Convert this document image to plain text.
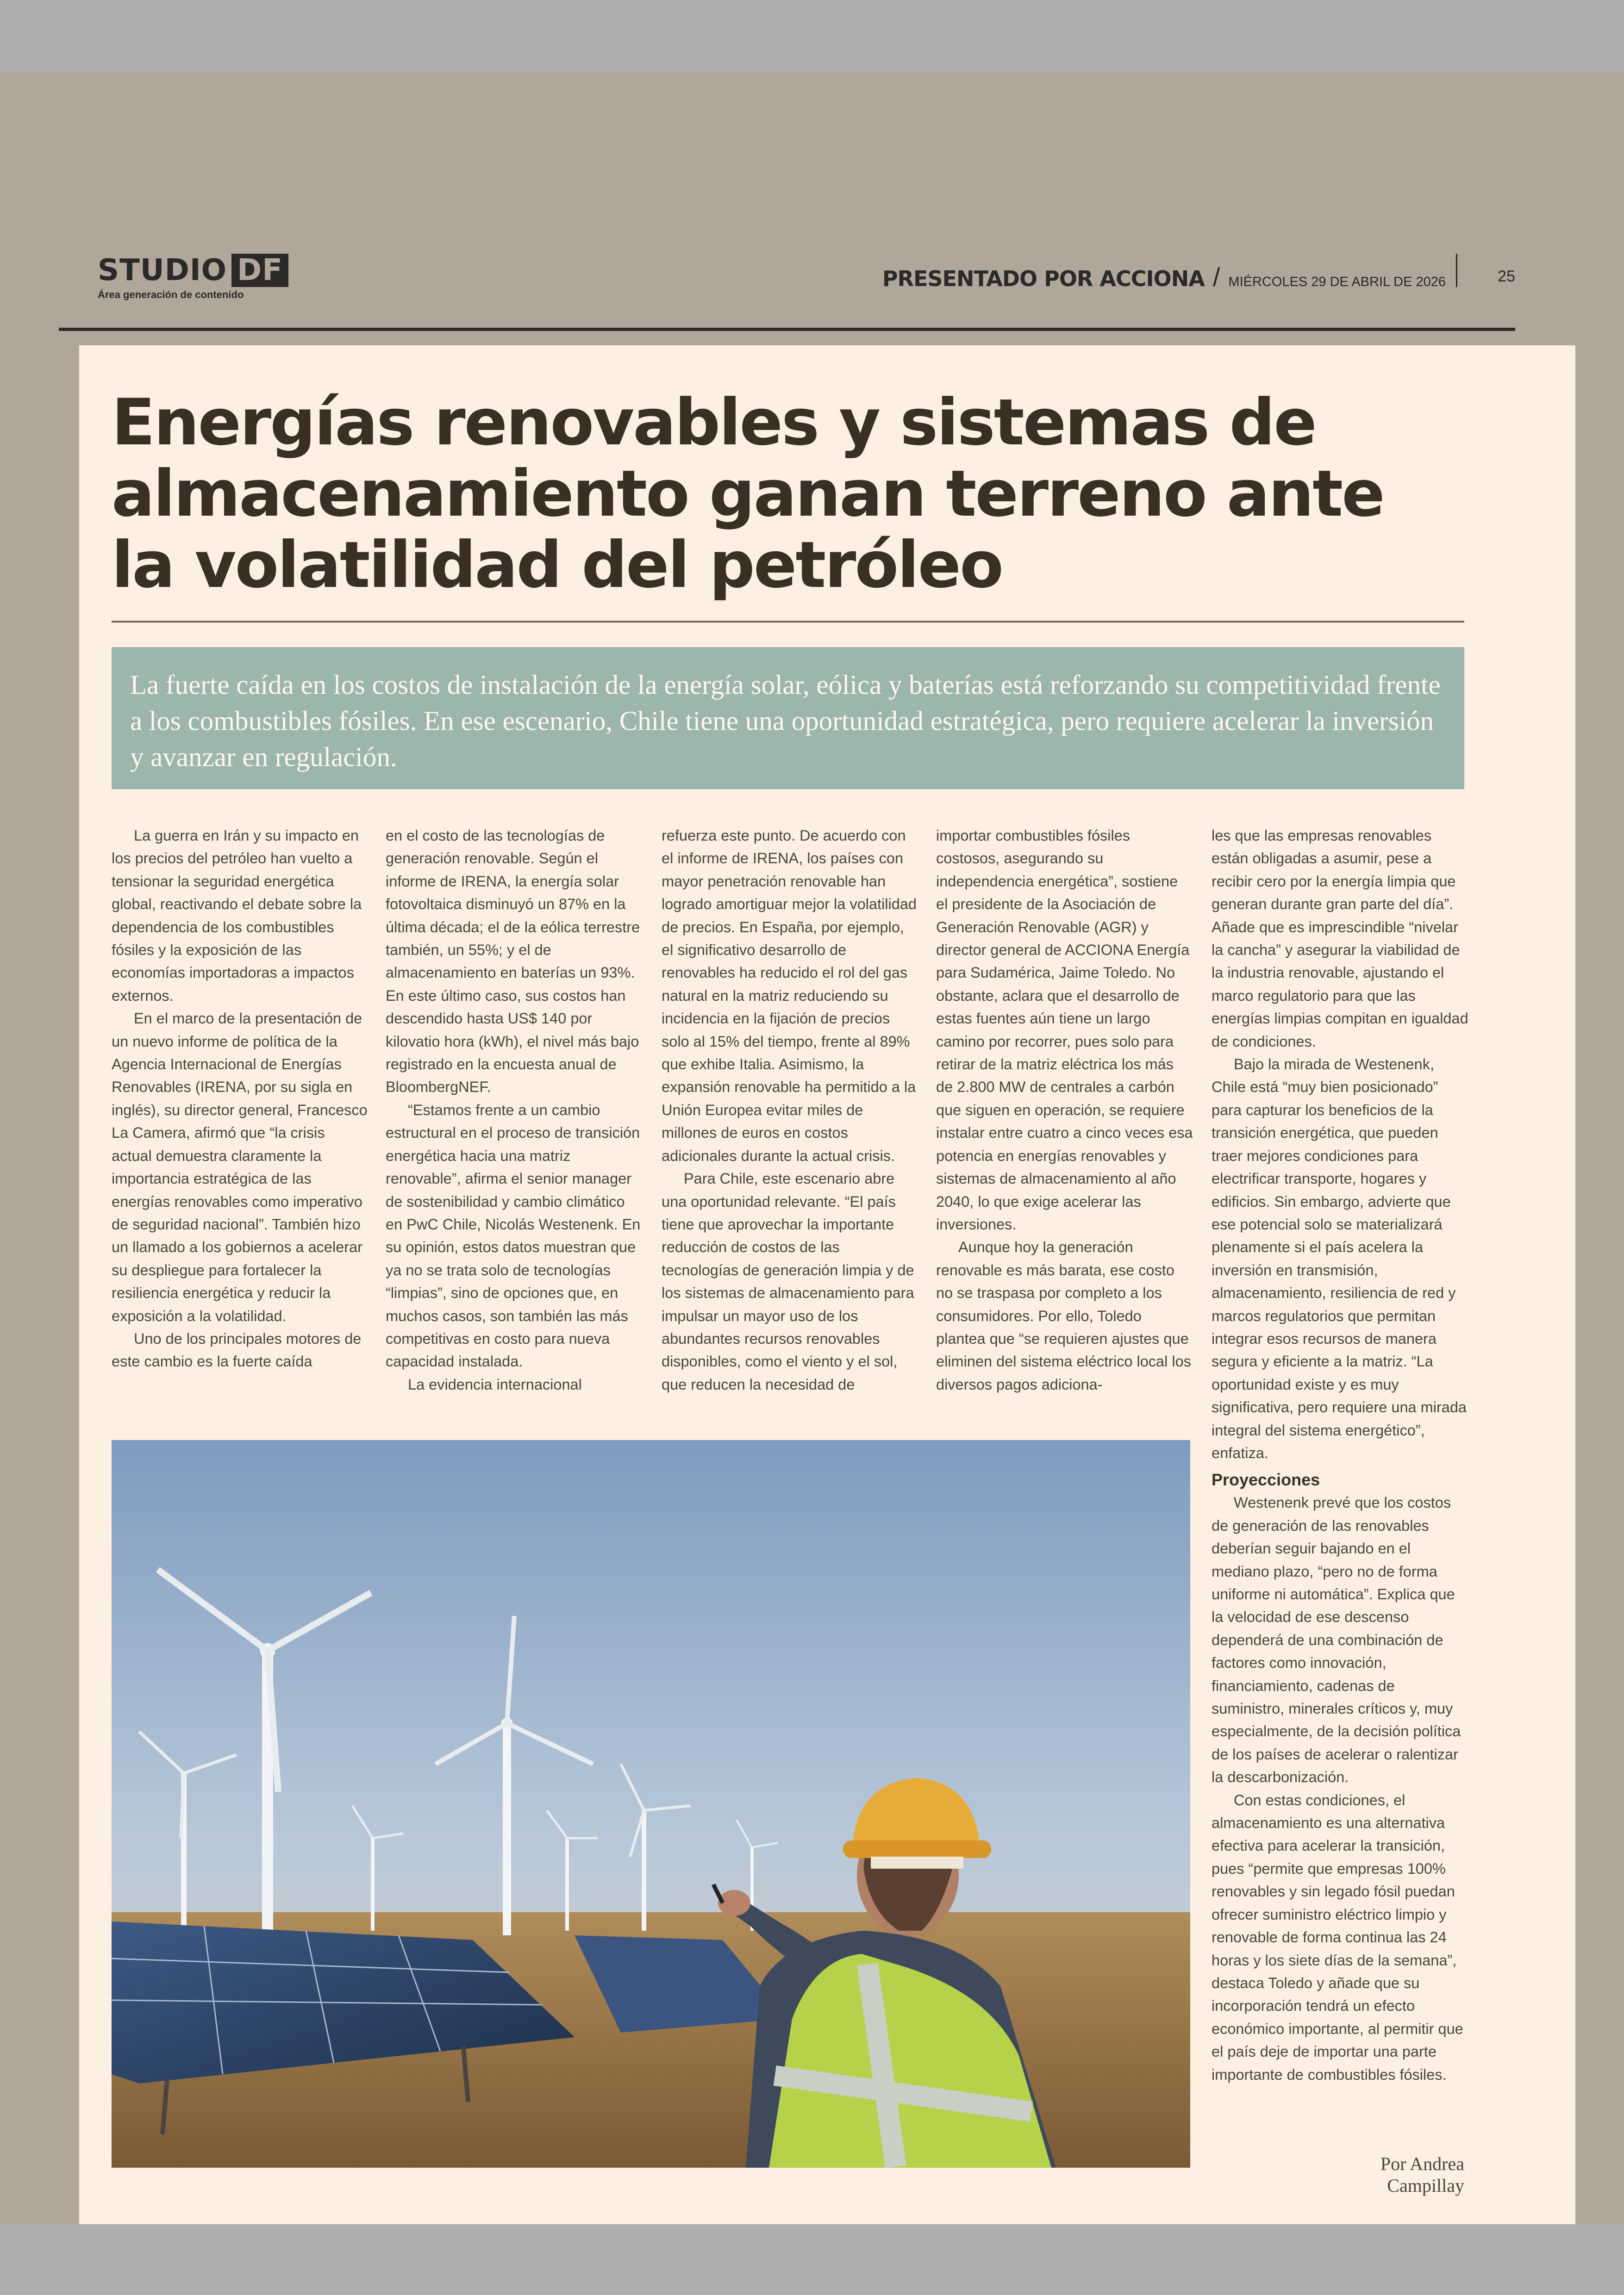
STUDIO DF
Área generación de contenido
PRESENTADO POR ACCIONA / MIÉRCOLES 29 DE ABRIL DE 2026	25
Energías renovables y sistemas de almacenamiento ganan terreno ante la volatilidad del petróleo

La fuerte caída en los costos de instalación de la energía solar, eólica y baterías está reforzando su competitividad frente a los combustibles fósiles. En ese escenario, Chile tiene una oportunidad estratégica, pero requiere acelerar la inversión y avanzar en regulación.

La guerra en Irán y su impacto en los precios del petróleo han vuelto a tensionar la seguridad energética global, reactivando el debate sobre la dependencia de los combustibles fósiles y la exposición de las economías importadoras a impactos externos.

En el marco de la presentación de un nuevo informe de política de la Agencia Internacional de Energías Renovables (IRENA, por su sigla en inglés), su director general, Francesco La Camera, afirmó que “la crisis actual demuestra claramente la importancia estratégica de las energías renovables como imperativo de seguridad nacional”. También hizo un llamado a los gobiernos a acelerar su despliegue para fortalecer la resiliencia energética y reducir la exposición a la volatilidad.

Uno de los principales motores de este cambio es la fuerte caída

en el costo de las tecnologías de generación renovable. Según el informe de IRENA, la energía solar fotovoltaica disminuyó un 87% en la última década; el de la eólica terrestre también, un 55%; y el de almacenamiento en baterías un 93%. En este último caso, sus costos han descendido hasta US$ 140 por kilovatio hora (kWh), el nivel más bajo registrado en la encuesta anual de BloombergNEF.

“Estamos frente a un cambio estructural en el proceso de transición energética hacia una matriz renovable”, afirma el senior manager de sostenibilidad y cambio climático en PwC Chile, Nicolás Westenenk. En su opinión, estos datos muestran que ya no se trata solo de tecnologías “limpias”, sino de opciones que, en muchos casos, son también las más competitivas en costo para nueva capacidad instalada.

La evidencia internacional

refuerza este punto. De acuerdo con el informe de IRENA, los países con mayor penetración renovable han logrado amortiguar mejor la volatilidad de precios. En España, por ejemplo, el significativo desarrollo de renovables ha reducido el rol del gas natural en la matriz reduciendo su incidencia en la fijación de precios solo al 15% del tiempo, frente al 89% que exhibe Italia. Asimismo, la expansión renovable ha permitido a la Unión Europea evitar miles de millones de euros en costos adicionales durante la actual crisis.

Para Chile, este escenario abre una oportunidad relevante. “El país tiene que aprovechar la importante reducción de costos de las tecnologías de generación limpia y de los sistemas de almacenamiento para impulsar un mayor uso de los abundantes recursos renovables disponibles, como el viento y el sol, que reducen la necesidad de

importar combustibles fósiles costosos, asegurando su independencia energética”, sostiene el presidente de la Asociación de Generación Renovable (AGR) y director general de ACCIONA Energía para Sudamérica, Jaime Toledo. No obstante, aclara que el desarrollo de estas fuentes aún tiene un largo camino por recorrer, pues solo para retirar de la matriz eléctrica los más de 2.800 MW de centrales a carbón que siguen en operación, se requiere instalar entre cuatro a cinco veces esa potencia en energías renovables y sistemas de almacenamiento al año 2040, lo que exige acelerar las inversiones.

Aunque hoy la generación renovable es más barata, ese costo no se traspasa por completo a los consumidores. Por ello, Toledo plantea que “se requieren ajustes que eliminen del sistema eléctrico local los diversos pagos adiciona-

les que las empresas renovables están obligadas a asumir, pese a recibir cero por la energía limpia que generan durante gran parte del día”. Añade que es imprescindible “nivelar la cancha” y asegurar la viabilidad de la industria renovable, ajustando el marco regulatorio para que las energías limpias compitan en igualdad de condiciones.

Bajo la mirada de Westenenk, Chile está “muy bien posicionado” para capturar los beneficios de la transición energética, que pueden traer mejores condiciones para electrificar transporte, hogares y edificios. Sin embargo, advierte que ese potencial solo se materializará plenamente si el país acelera la inversión en transmisión, almacenamiento, resiliencia de red y marcos regulatorios que permitan integrar esos recursos de manera segura y eficiente a la matriz. “La oportunidad existe y es muy significativa, pero requiere una mirada integral del sistema energético”, enfatiza.

Proyecciones

Westenenk prevé que los costos de generación de las renovables deberían seguir bajando en el mediano plazo, “pero no de forma uniforme ni automática”. Explica que la velocidad de ese descenso dependerá de una combinación de factores como innovación, financiamiento, cadenas de suministro, minerales críticos y, muy especialmente, de la decisión política de los países de acelerar o ralentizar la descarbonización.

Con estas condiciones, el almacenamiento es una alternativa efectiva para acelerar la transición, pues “permite que empresas 100% renovables y sin legado fósil puedan ofrecer suministro eléctrico limpio y renovable de forma continua las 24 horas y los siete días de la semana”, destaca Toledo y añade que su incorporación tendrá un efecto económico importante, al permitir que el país deje de importar una parte importante de combustibles fósiles.

Por Andrea Campillay
